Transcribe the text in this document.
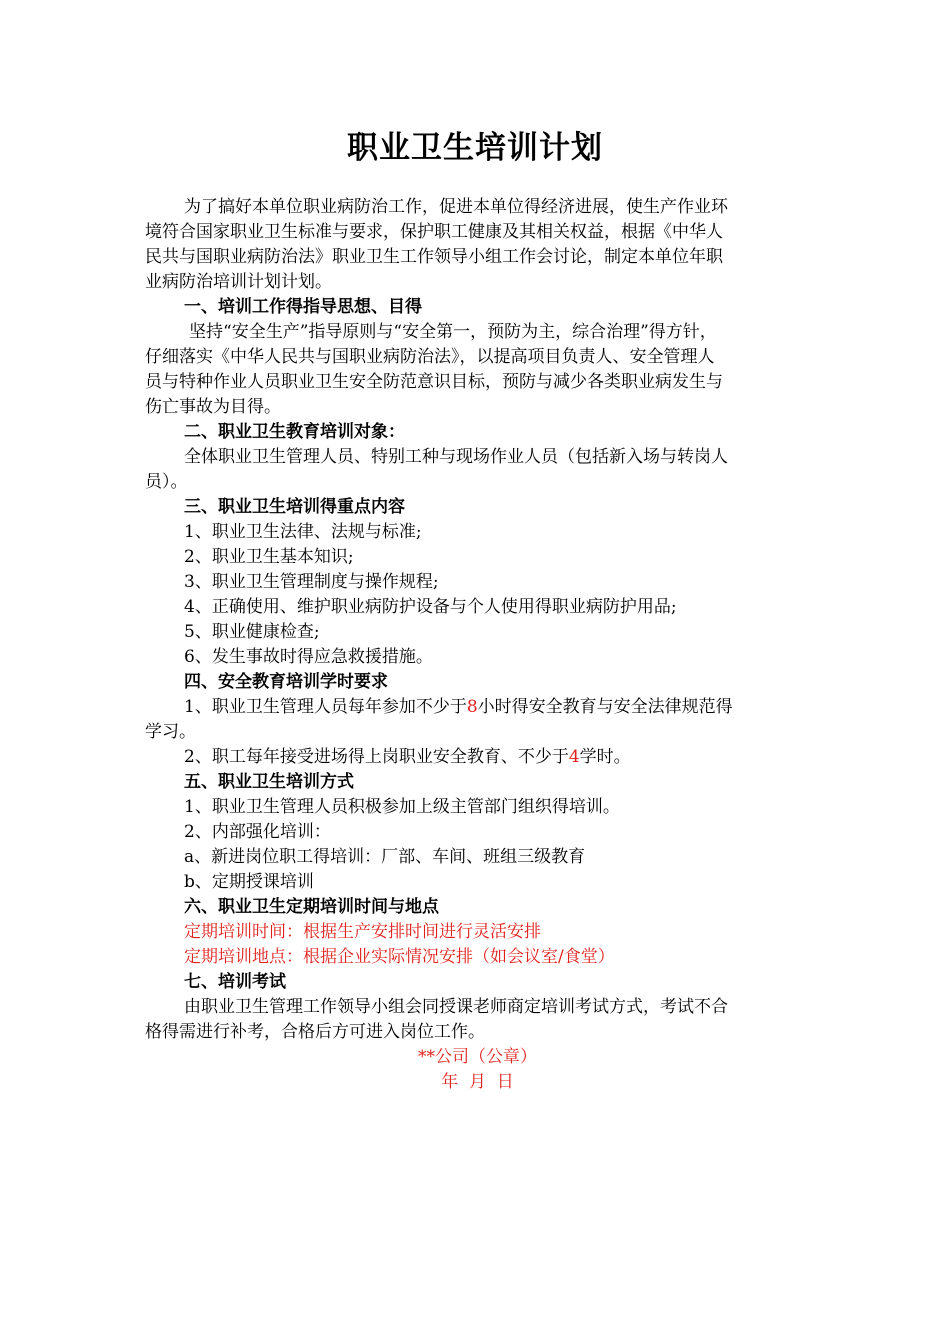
职业卫生培训计划

为了搞好本单位职业病防治工作，促进本单位得经济进展，使生产作业环

境符合国家职业卫生标准与要求，保护职工健康及其相关权益，根据《中华人

民共与国职业病防治法》职业卫生工作领导小组工作会讨论，制定本单位年职

业病防治培训计划计划。

一、培训工作得指导思想、目得

坚持“安全生产”指导原则与“安全第一，预防为主，综合治理”得方针，

仔细落实《中华人民共与国职业病防治法》，以提高项目负责人、安全管理人

员与特种作业人员职业卫生安全防范意识目标，预防与减少各类职业病发生与

伤亡事故为目得。

二、职业卫生教育培训对象：

全体职业卫生管理人员、特别工种与现场作业人员（包括新入场与转岗人

员）。

三、职业卫生培训得重点内容

1、职业卫生法律、法规与标准;

2、职业卫生基本知识;

3、职业卫生管理制度与操作规程;

4、正确使用、维护职业病防护设备与个人使用得职业病防护用品;

5、职业健康检查;

6、发生事故时得应急救援措施。

四、安全教育培训学时要求

1、职业卫生管理人员每年参加不少于8小时得安全教育与安全法律规范得

学习。

2、职工每年接受进场得上岗职业安全教育、不少于4学时。

五、职业卫生培训方式

1、职业卫生管理人员积极参加上级主管部门组织得培训。

2、内部强化培训：

a、新进岗位职工得培训：厂部、车间、班组三级教育

b、定期授课培训

六、职业卫生定期培训时间与地点

定期培训时间：根据生产安排时间进行灵活安排

定期培训地点：根据企业实际情况安排（如会议室/食堂）

七、培训考试

由职业卫生管理工作领导小组会同授课老师商定培训考试方式，考试不合

格得需进行补考，合格后方可进入岗位工作。

**公司（公章）

年  月  日
